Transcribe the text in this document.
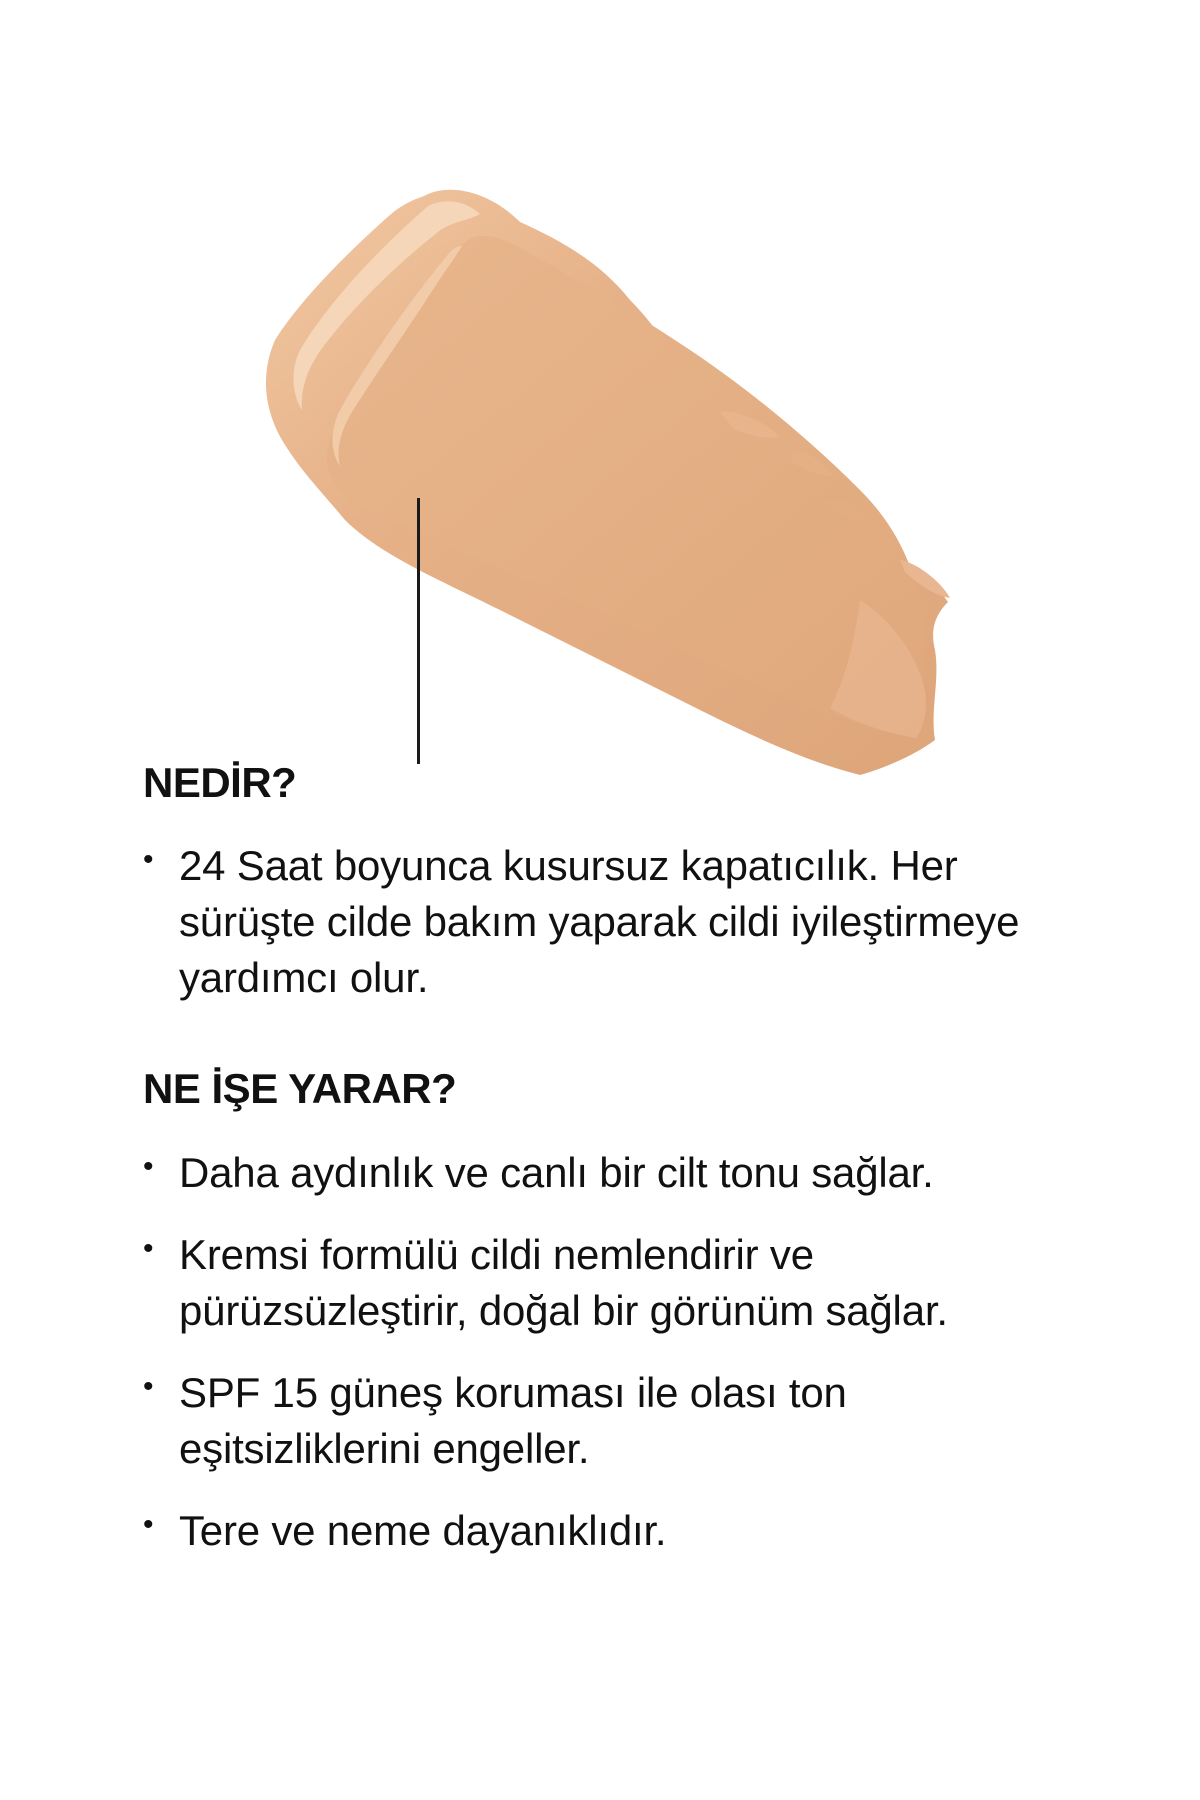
NEDİR?
• 24 Saat boyunca kusursuz kapatıcılık. Her sürüşte cilde bakım yaparak cildi iyileştirmeye yardımcı olur.
NE İŞE YARAR?
• Daha aydınlık ve canlı bir cilt tonu sağlar.
• Kremsi formülü cildi nemlendirir ve pürüzsüzleştirir, doğal bir görünüm sağlar.
• SPF 15 güneş koruması ile olası ton eşitsizliklerini engeller.
• Tere ve neme dayanıklıdır.
